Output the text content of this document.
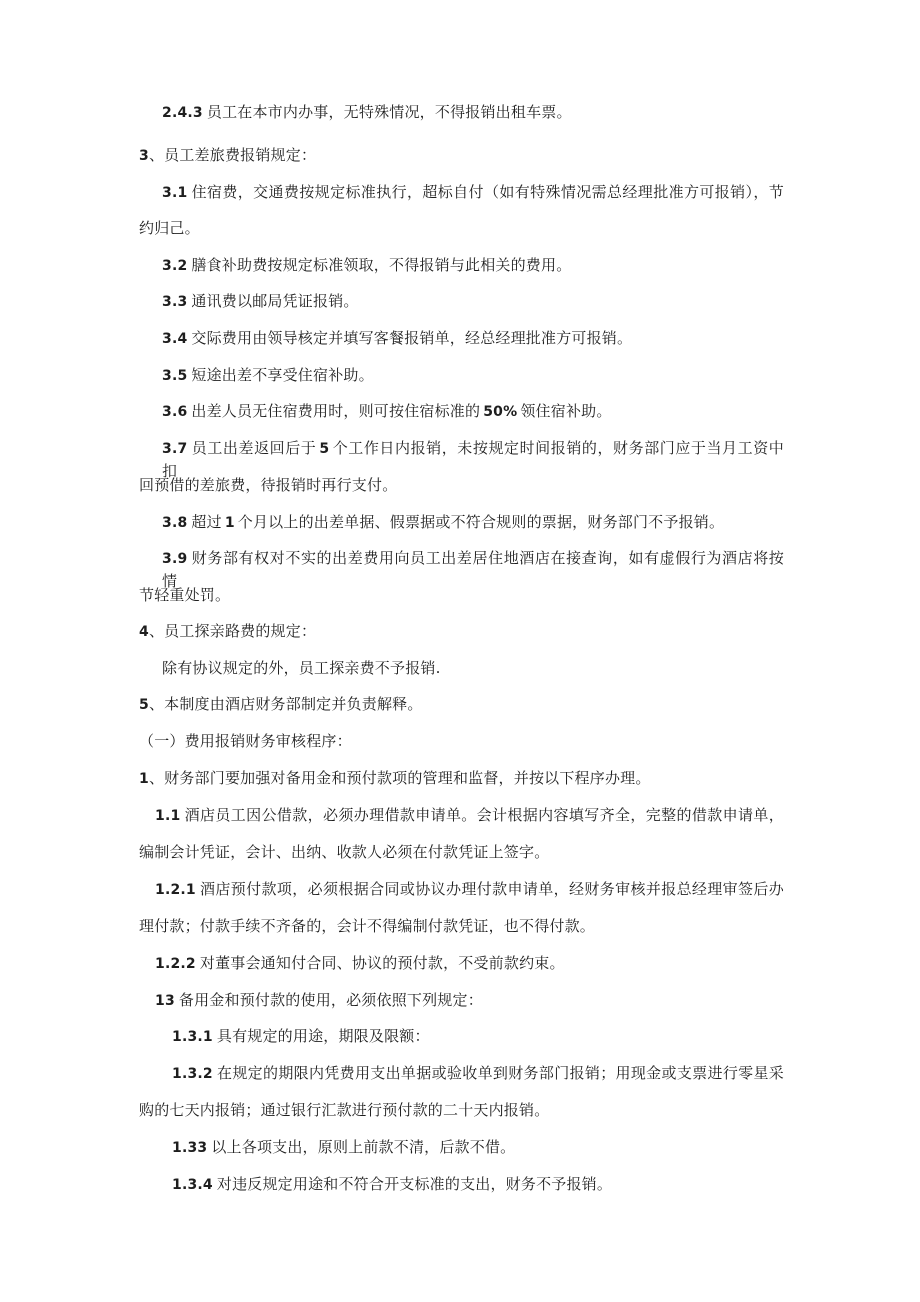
2.4.3 员工在本市内办事，无特殊情况，不得报销出租车票。
3、员工差旅费报销规定：
3.1 住宿费，交通费按规定标准执行，超标自付（如有特殊情况需总经理批准方可报销），节
约归己。
3.2 膳食补助费按规定标准领取，不得报销与此相关的费用。
3.3 通讯费以邮局凭证报销。
3.4 交际费用由领导核定并填写客餐报销单，经总经理批准方可报销。
3.5 短途出差不享受住宿补助。
3.6 出差人员无住宿费用时，则可按住宿标准的 50% 领住宿补助。
3.7 员工出差返回后于 5 个工作日内报销，未按规定时间报销的，财务部门应于当月工资中扣
回预借的差旅费，待报销时再行支付。
3.8 超过 1 个月以上的出差单据、假票据或不符合规则的票据，财务部门不予报销。
3.9 财务部有权对不实的出差费用向员工出差居住地酒店在接查询，如有虚假行为酒店将按情
节轻重处罚。
4、员工探亲路费的规定：
除有协议规定的外，员工探亲费不予报销.
5、本制度由酒店财务部制定并负责解释。
（一）费用报销财务审核程序：
1、财务部门要加强对备用金和预付款项的管理和监督，并按以下程序办理。
1.1 酒店员工因公借款，必须办理借款申请单。会计根据内容填写齐全，完整的借款申请单，
编制会计凭证，会计、出纳、收款人必须在付款凭证上签字。
1.2.1 酒店预付款项，必须根据合同或协议办理付款申请单，经财务审核并报总经理审签后办
理付款；付款手续不齐备的，会计不得编制付款凭证，也不得付款。
1.2.2 对董事会通知付合同、协议的预付款，不受前款约束。
13 备用金和预付款的使用，必须依照下列规定：
1.3.1 具有规定的用途，期限及限额：
1.3.2 在规定的期限内凭费用支出单据或验收单到财务部门报销；用现金或支票进行零星采
购的七天内报销；通过银行汇款进行预付款的二十天内报销。
1.33 以上各项支出，原则上前款不清，后款不借。
1.3.4 对违反规定用途和不符合开支标准的支出，财务不予报销。
